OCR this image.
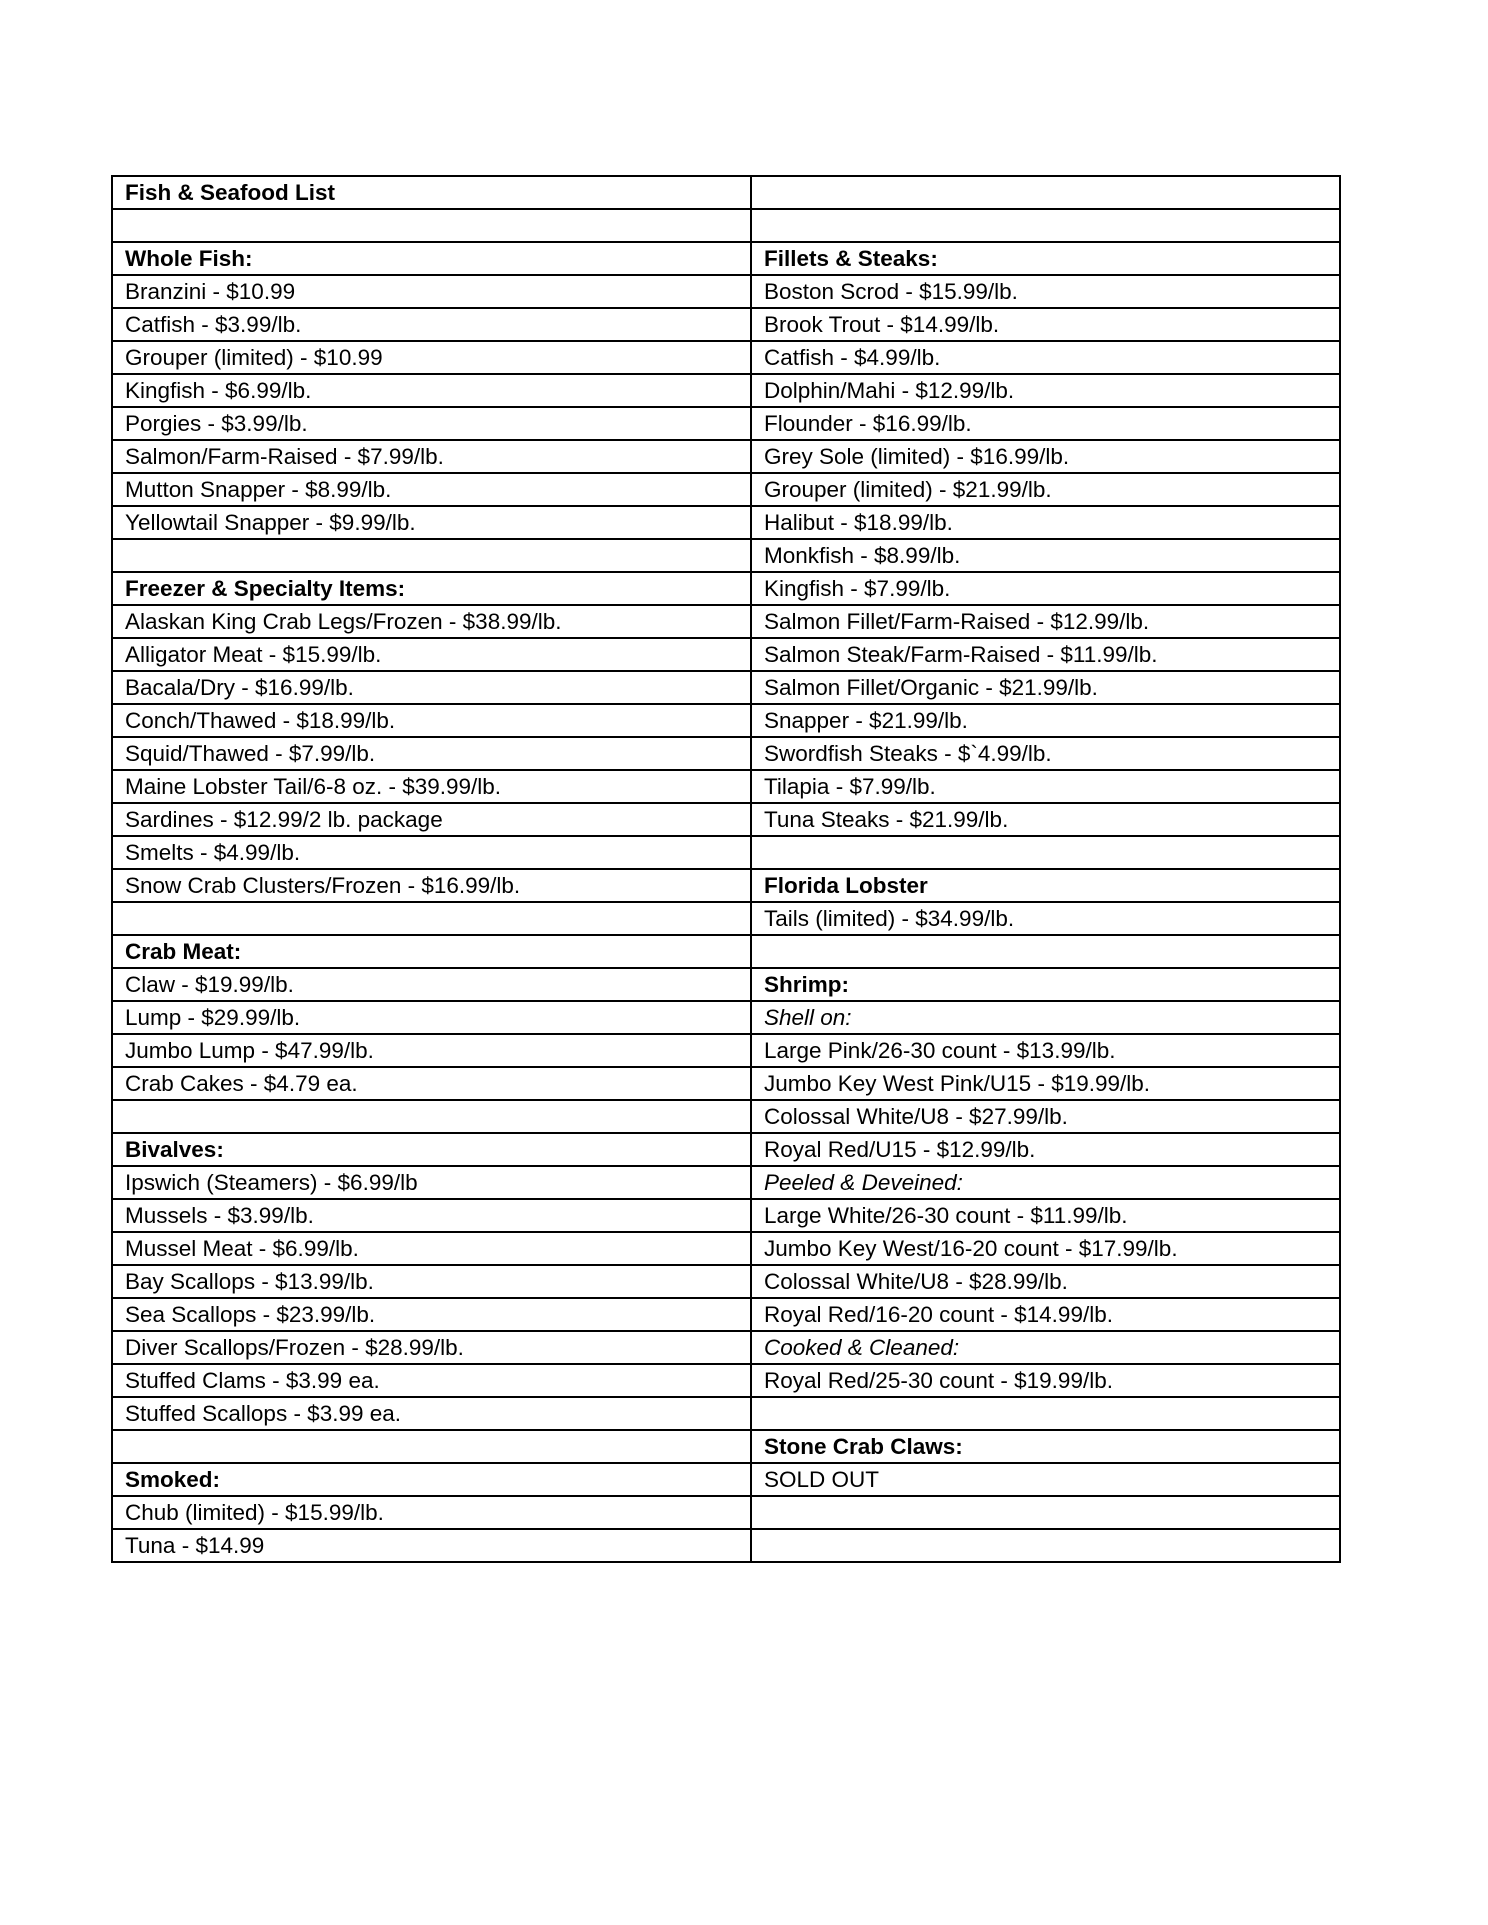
Fish & Seafood List	

Whole Fish:	Fillets & Steaks:
Branzini - $10.99	Boston Scrod - $15.99/lb.
Catfish - $3.99/lb.	Brook Trout - $14.99/lb.
Grouper (limited) - $10.99	Catfish - $4.99/lb.
Kingfish - $6.99/lb.	Dolphin/Mahi - $12.99/lb.
Porgies - $3.99/lb.	Flounder - $16.99/lb.
Salmon/Farm-Raised - $7.99/lb.	Grey Sole (limited) - $16.99/lb.
Mutton Snapper - $8.99/lb.	Grouper (limited) - $21.99/lb.
Yellowtail Snapper - $9.99/lb.	Halibut - $18.99/lb.
	Monkfish - $8.99/lb.
Freezer & Specialty Items:	Kingfish - $7.99/lb.
Alaskan King Crab Legs/Frozen - $38.99/lb.	Salmon Fillet/Farm-Raised - $12.99/lb.
Alligator Meat - $15.99/lb.	Salmon Steak/Farm-Raised - $11.99/lb.
Bacala/Dry - $16.99/lb.	Salmon Fillet/Organic - $21.99/lb.
Conch/Thawed - $18.99/lb.	Snapper - $21.99/lb.
Squid/Thawed - $7.99/lb.	Swordfish Steaks - $`4.99/lb.
Maine Lobster Tail/6-8 oz. - $39.99/lb.	Tilapia - $7.99/lb.
Sardines - $12.99/2 lb. package	Tuna Steaks - $21.99/lb.
Smelts - $4.99/lb.	
Snow Crab Clusters/Frozen - $16.99/lb.	Florida Lobster
	Tails (limited) - $34.99/lb.
Crab Meat:	
Claw - $19.99/lb.	Shrimp:
Lump - $29.99/lb.	Shell on:
Jumbo Lump - $47.99/lb.	Large Pink/26-30 count - $13.99/lb.
Crab Cakes - $4.79 ea.	Jumbo Key West Pink/U15 - $19.99/lb.
	Colossal White/U8 - $27.99/lb.
Bivalves:	Royal Red/U15 - $12.99/lb.
Ipswich (Steamers) - $6.99/lb	Peeled & Deveined:
Mussels - $3.99/lb.	Large White/26-30 count - $11.99/lb.
Mussel Meat - $6.99/lb.	Jumbo Key West/16-20 count - $17.99/lb.
Bay Scallops - $13.99/lb.	Colossal White/U8 - $28.99/lb.
Sea Scallops - $23.99/lb.	Royal Red/16-20 count - $14.99/lb.
Diver Scallops/Frozen - $28.99/lb.	Cooked & Cleaned:
Stuffed Clams - $3.99 ea.	Royal Red/25-30 count - $19.99/lb.
Stuffed Scallops - $3.99 ea.	
	Stone Crab Claws:
Smoked:	SOLD OUT
Chub (limited) - $15.99/lb.	
Tuna - $14.99	
